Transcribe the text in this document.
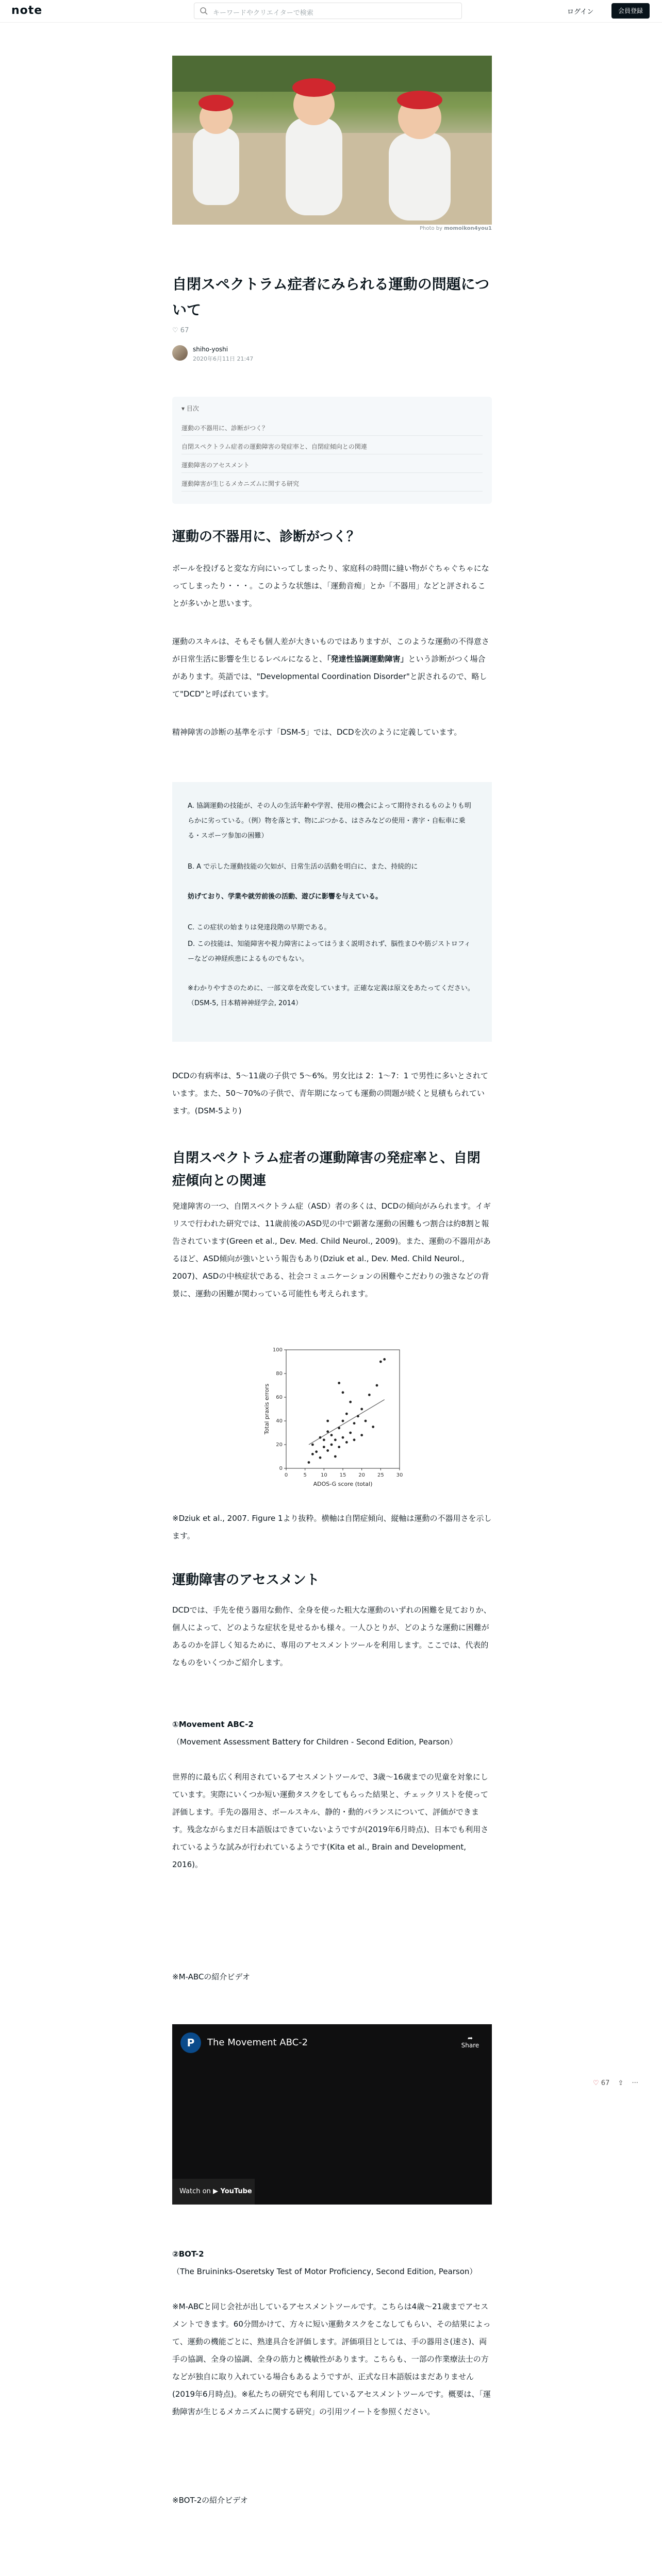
note	キーワードやクリエイターで検索	ログイン	会員登録
Photo by momoikon4you1
自閉スペクトラム症者にみられる運動の問題について
♡ 67
shiho-yoshi
2020年6月11日 21:47
▾ 目次
運動の不器用に、診断がつく？
自閉スペクトラム症者の運動障害の発症率と、自閉症傾向との関連
運動障害のアセスメント
運動障害が生じるメカニズムに関する研究
運動の不器用に、診断がつく？
ボールを投げると変な方向にいってしまったり、家庭科の時間に縫い物がぐちゃぐちゃになってしまったり・・・。このような状態は、「運動音痴」とか「不器用」などと評されることが多いかと思います。
運動のスキルは、そもそも個人差が大きいものではありますが、このような運動の不得意さが日常生活に影響を生じるレベルになると、「発達性協調運動障害」という診断がつく場合があります。英語では、"Developmental Coordination Disorder"と訳されるので、略して"DCD"と呼ばれています。
精神障害の診断の基準を示す「DSM-5」では、DCDを次のように定義しています。
A. 協調運動の技能が、その人の生活年齢や学習、使用の機会によって期待されるものよりも明らかに劣っている。（例）物を落とす、物にぶつかる、はさみなどの使用・書字・自転車に乗る・スポーツ参加の困難）
B. A で示した運動技能の欠如が、日常生活の活動を明白に、また、持続的に
妨げており、学業や就労前後の活動、遊びに影響を与えている。
C. この症状の始まりは発達段階の早期である。
D. この技能は、知能障害や視力障害によってはうまく説明されず、脳性まひや筋ジストロフィーなどの神経疾患によるものでもない。
※わかりやすさのために、一部文章を改変しています。正確な定義は原文をあたってください。（DSM-5, 日本精神神経学会, 2014）
DCDの有病率は、5〜11歳の子供で 5〜6%。男女比は 2：1〜7：1 で男性に多いとされています。また、50〜70%の子供で、青年期になっても運動の問題が続くと見積もられています。(DSM-5より)
自閉スペクトラム症者の運動障害の発症率と、自閉症傾向との関連
発達障害の一つ、自閉スペクトラム症（ASD）者の多くは、DCDの傾向がみられます。イギリスで行われた研究では、11歳前後のASD児の中で顕著な運動の困難もつ割合は約8割と報告されています(Green et al., Dev. Med. Child Neurol., 2009)。また、運動の不器用があるほど、ASD傾向が強いという報告もあり(Dziuk et al., Dev. Med. Child Neurol., 2007)、ASDの中核症状である、社会コミュニケーションの困難やこだわりの強さなどの背景に、運動の困難が関わっている可能性も考えられます。
0	5	10 15 20 25 30
0
20
40
60
80
100
ADOS-G score (total)
Total praxis errors
※Dziuk et al., 2007. Figure 1より抜粋。横軸は自閉症傾向、縦軸は運動の不器用さを示します。
運動障害のアセスメント
DCDでは、手先を使う器用な動作、全身を使った粗大な運動のいずれの困難を見ておりか、個人によって、どのような症状を見せるかも様々。一人ひとりが、どのような運動に困難があるのかを詳しく知るために、専用のアセスメントツールを利用します。ここでは、代表的なものをいくつかご紹介します。
①Movement ABC-2
（Movement Assessment Battery for Children - Second Edition, Pearson）
世界的に最も広く利用されているアセスメントツールで、3歳〜16歳までの児童を対象にしています。実際にいくつか短い運動タスクをしてもらった結果と、チェックリストを使って評価します。手先の器用さ、ボールスキル、静的・動的バランスについて、評価ができます。残念ながらまだ日本語版はできていないようですが(2019年6月時点)、日本でも利用されているような試みが行われているようです(Kita et al., Brain and Development, 2016)。
※M-ABCの紹介ビデオ
P	The Movement ABC-2	➦
Share
Watch on ▶ YouTube
②BOT-2
（The Bruininks-Oseretsky Test of Motor Proficiency, Second Edition, Pearson）
※M-ABCと同じ会社が出しているアセスメントツールです。こちらは4歳〜21歳までアセスメントできます。60分間かけて、方々に短い運動タスクをこなしてもらい、その結果によって、運動の機能ごとに、熟達具合を評価します。評価項目としては、手の器用さ(速さ)、両手の協調、全身の協調、全身の筋力と機敏性があります。こちらも、一部の作業療法士の方などが独自に取り入れている場合もあるようですが、正式な日本語版はまだありません(2019年6月時点)。※私たちの研究でも利用しているアセスメントツールです。概要は、「運動障害が生じるメカニズムに関する研究」の引用ツイートを参照ください。
※BOT-2の紹介ビデオ
♡ 67 ⇪ ···
